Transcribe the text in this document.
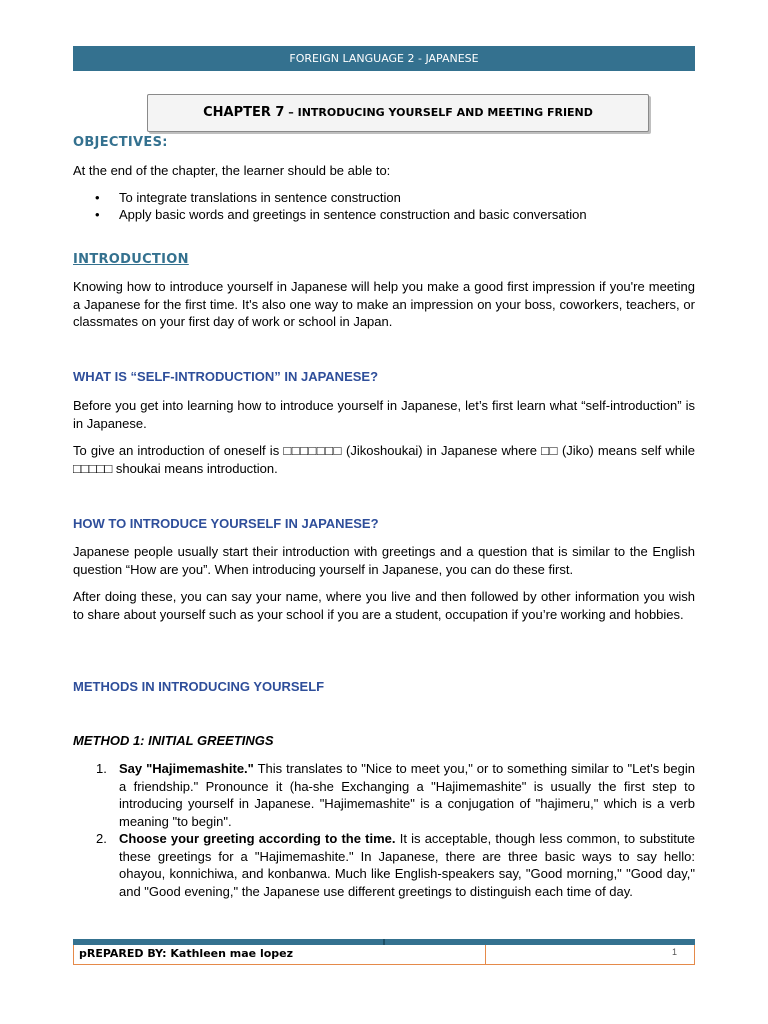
FOREIGN LANGUAGE 2 - JAPANESE
CHAPTER 7 – INTRODUCING YOURSELF AND MEETING FRIEND
OBJECTIVES:

At the end of the chapter, the learner should be able to:

• To integrate translations in sentence construction
• Apply basic words and greetings in sentence construction and basic conversation
INTRODUCTION

Knowing how to introduce yourself in Japanese will help you make a good first impression if you're meeting a Japanese for the first time. It's also one way to make an impression on your boss, coworkers, teachers, or classmates on your first day of work or school in Japan.

WHAT IS “SELF-INTRODUCTION” IN JAPANESE?

Before you get into learning how to introduce yourself in Japanese, let’s first learn what “self-introduction” is in Japanese.

To give an introduction of oneself is □□□□□□□ (Jikoshoukai) in Japanese where □□ (Jiko) means self while □□□□□ shoukai means introduction.

HOW TO INTRODUCE YOURSELF IN JAPANESE?

Japanese people usually start their introduction with greetings and a question that is similar to the English question “How are you”. When introducing yourself in Japanese, you can do these first.

After doing these, you can say your name, where you live and then followed by other information you wish to share about yourself such as your school if you are a student, occupation if you’re working and hobbies.

METHODS IN INTRODUCING YOURSELF
METHOD 1: INITIAL GREETINGS
1. Say "Hajimemashite." This translates to "Nice to meet you," or to something similar to "Let's begin a friendship." Pronounce it (ha-she Exchanging a "Hajimemashite" is usually the first step to introducing yourself in Japanese. "Hajimemashite" is a conjugation of "hajimeru," which is a verb meaning "to begin".
2. Choose your greeting according to the time. It is acceptable, though less common, to substitute these greetings for a "Hajimemashite." In Japanese, there are three basic ways to say hello: ohayou, konnichiwa, and konbanwa. Much like English-speakers say, "Good morning," "Good day," and "Good evening," the Japanese use different greetings to distinguish each time of day.
pREPARED BY: Kathleen mae lopez	1
